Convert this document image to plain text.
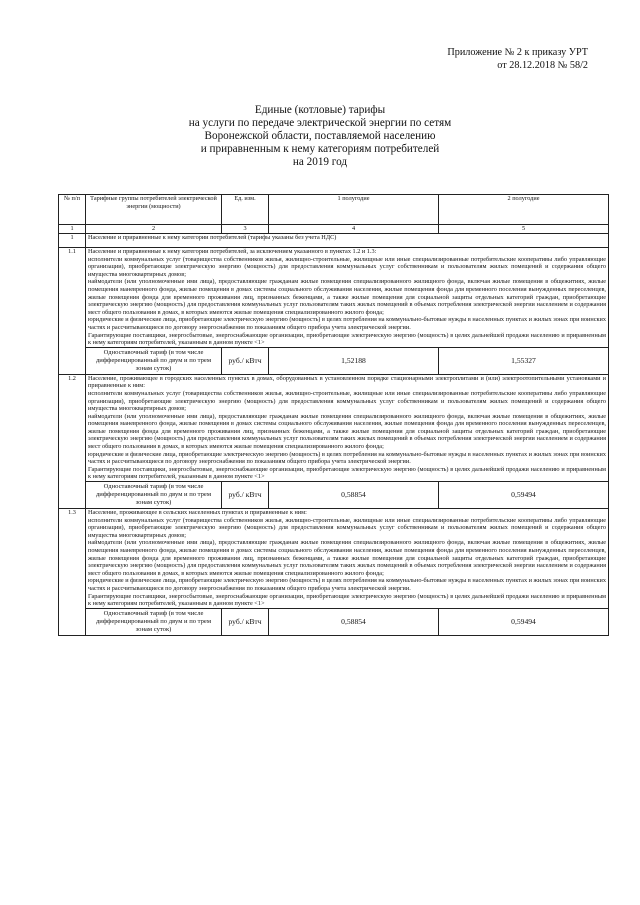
Приложение № 2 к приказу УРТ
от 28.12.2018 № 58/2
Единые (котловые) тарифы
на услуги по передаче электрической энергии по сетям
Воронежской области, поставляемой населению
и приравненным к нему категориям потребителей
на 2019 год
№ п/п	Тарифные группы потребителей электрической энергии (мощности)	Ед. изм.	1 полугодие	2 полугодие
1	2	3	4	5
1	Население и приравненные к нему категории потребителей (тарифы указаны без учета НДС)			
1.1	Население и приравненные к нему категории потребителей, за исключением указанного в пунктах 1.2 и 1.3:

исполнители коммунальных услуг (товарищества собственников жилья, жилищно-строительные, жилищные или иные специализированные потребительские кооперативы либо управляющие организации), приобретающие электрическую энергию (мощность) для предоставления коммунальных услуг собственникам и пользователям жилых помещений и содержания общего имущества многоквартирных домов;

наймодатели (или уполномоченные ими лица), предоставляющие гражданам жилые помещения специализированного жилищного фонда, включая жилые помещения в общежитиях, жилые помещения маневренного фонда, жилые помещения в домах системы социального обслуживания населения, жилые помещения фонда для временного поселения вынужденных переселенцев, жилые помещения фонда для временного проживания лиц, признанных беженцами, а также жилые помещения для социальной защиты отдельных категорий граждан, приобретающие электрическую энергию (мощность) для предоставления коммунальных услуг пользователям таких жилых помещений в объемах потребления электрической энергии населением и содержания мест общего пользования в домах, в которых имеются жилые помещения специализированного жилого фонда;

юридические и физические лица, приобретающие электрическую энергию (мощность) в целях потребления на коммунально-бытовые нужды в населенных пунктах и жилых зонах при воинских частях и рассчитывающиеся по договору энергоснабжения по показаниям общего прибора учета электрической энергии.

Гарантирующие поставщики, энергосбытовые, энергоснабжающие организации, приобретающие электрическую энергию (мощность) в целях дальнейшей продажи населению и приравненным к нему категориям потребителей, указанным в данном пункте <1>			

	Одноставочный тариф (в том числе дифференцированный по двум и по трем зонам суток)	руб./ кВтч	1,52188	1,55327
1.2	Население, проживающее в городских населенных пунктах в домах, оборудованных в установленном порядке стационарными электроплитами и (или) электроотопительными установками и приравненные к ним:

исполнители коммунальных услуг (товарищества собственников жилья, жилищно-строительные, жилищные или иные специализированные потребительские кооперативы либо управляющие организации), приобретающие электрическую энергию (мощность) для предоставления коммунальных услуг собственникам и пользователям жилых помещений и содержания общего имущества многоквартирных домов;

наймодатели (или уполномоченные ими лица), предоставляющие гражданам жилые помещения специализированного жилищного фонда, включая жилые помещения в общежитиях, жилые помещения маневренного фонда, жилые помещения в домах системы социального обслуживания населения, жилые помещения фонда для временного поселения вынужденных переселенцев, жилые помещения фонда для временного проживания лиц, признанных беженцами, а также жилые помещения для социальной защиты отдельных категорий граждан, приобретающие электрическую энергию (мощность) для предоставления коммунальных услуг пользователям таких жилых помещений в объемах потребления электрической энергии населением и содержания мест общего пользования в домах, в которых имеются жилые помещения специализированного жилого фонда;

юридические и физические лица, приобретающие электрическую энергию (мощность) в целях потребления на коммунально-бытовые нужды в населенных пунктах и жилых зонах при воинских частях и рассчитывающиеся по договору энергоснабжения по показаниям общего прибора учета электрической энергии.

Гарантирующие поставщики, энергосбытовые, энергоснабжающие организации, приобретающие электрическую энергию (мощность) в целях дальнейшей продажи населению и приравненным к нему категориям потребителей, указанным в данном пункте <1>			

	Одноставочный тариф (в том числе дифференцированный по двум и по трем зонам суток)	руб./ кВтч	0,58854	0,59494
1.3	Население, проживающее в сельских населенных пунктах и приравненные к ним:

исполнители коммунальных услуг (товарищества собственников жилья, жилищно-строительные, жилищные или иные специализированные потребительские кооперативы либо управляющие организации), приобретающие электрическую энергию (мощность) для предоставления коммунальных услуг собственникам и пользователям жилых помещений и содержания общего имущества многоквартирных домов;

наймодатели (или уполномоченные ими лица), предоставляющие гражданам жилые помещения специализированного жилищного фонда, включая жилые помещения в общежитиях, жилые помещения маневренного фонда, жилые помещения в домах системы социального обслуживания населения, жилые помещения фонда для временного поселения вынужденных переселенцев, жилые помещения фонда для временного проживания лиц, признанных беженцами, а также жилые помещения для социальной защиты отдельных категорий граждан, приобретающие электрическую энергию (мощность) для предоставления коммунальных услуг пользователям таких жилых помещений в объемах потребления электрической энергии населением и содержания мест общего пользования в домах, в которых имеются жилые помещения специализированного жилого фонда;

юридические и физические лица, приобретающие электрическую энергию (мощность) в целях потребления на коммунально-бытовые нужды в населенных пунктах и жилых зонах при воинских частях и рассчитывающиеся по договору энергоснабжения по показаниям общего прибора учета электрической энергии.

Гарантирующие поставщики, энергосбытовые, энергоснабжающие организации, приобретающие электрическую энергию (мощность) в целях дальнейшей продажи населению и приравненным к нему категориям потребителей, указанным в данном пункте <1>			

	Одноставочный тариф (в том числе дифференцированный по двум и по трем зонам суток)	руб./ кВтч	0,58854	0,59494
